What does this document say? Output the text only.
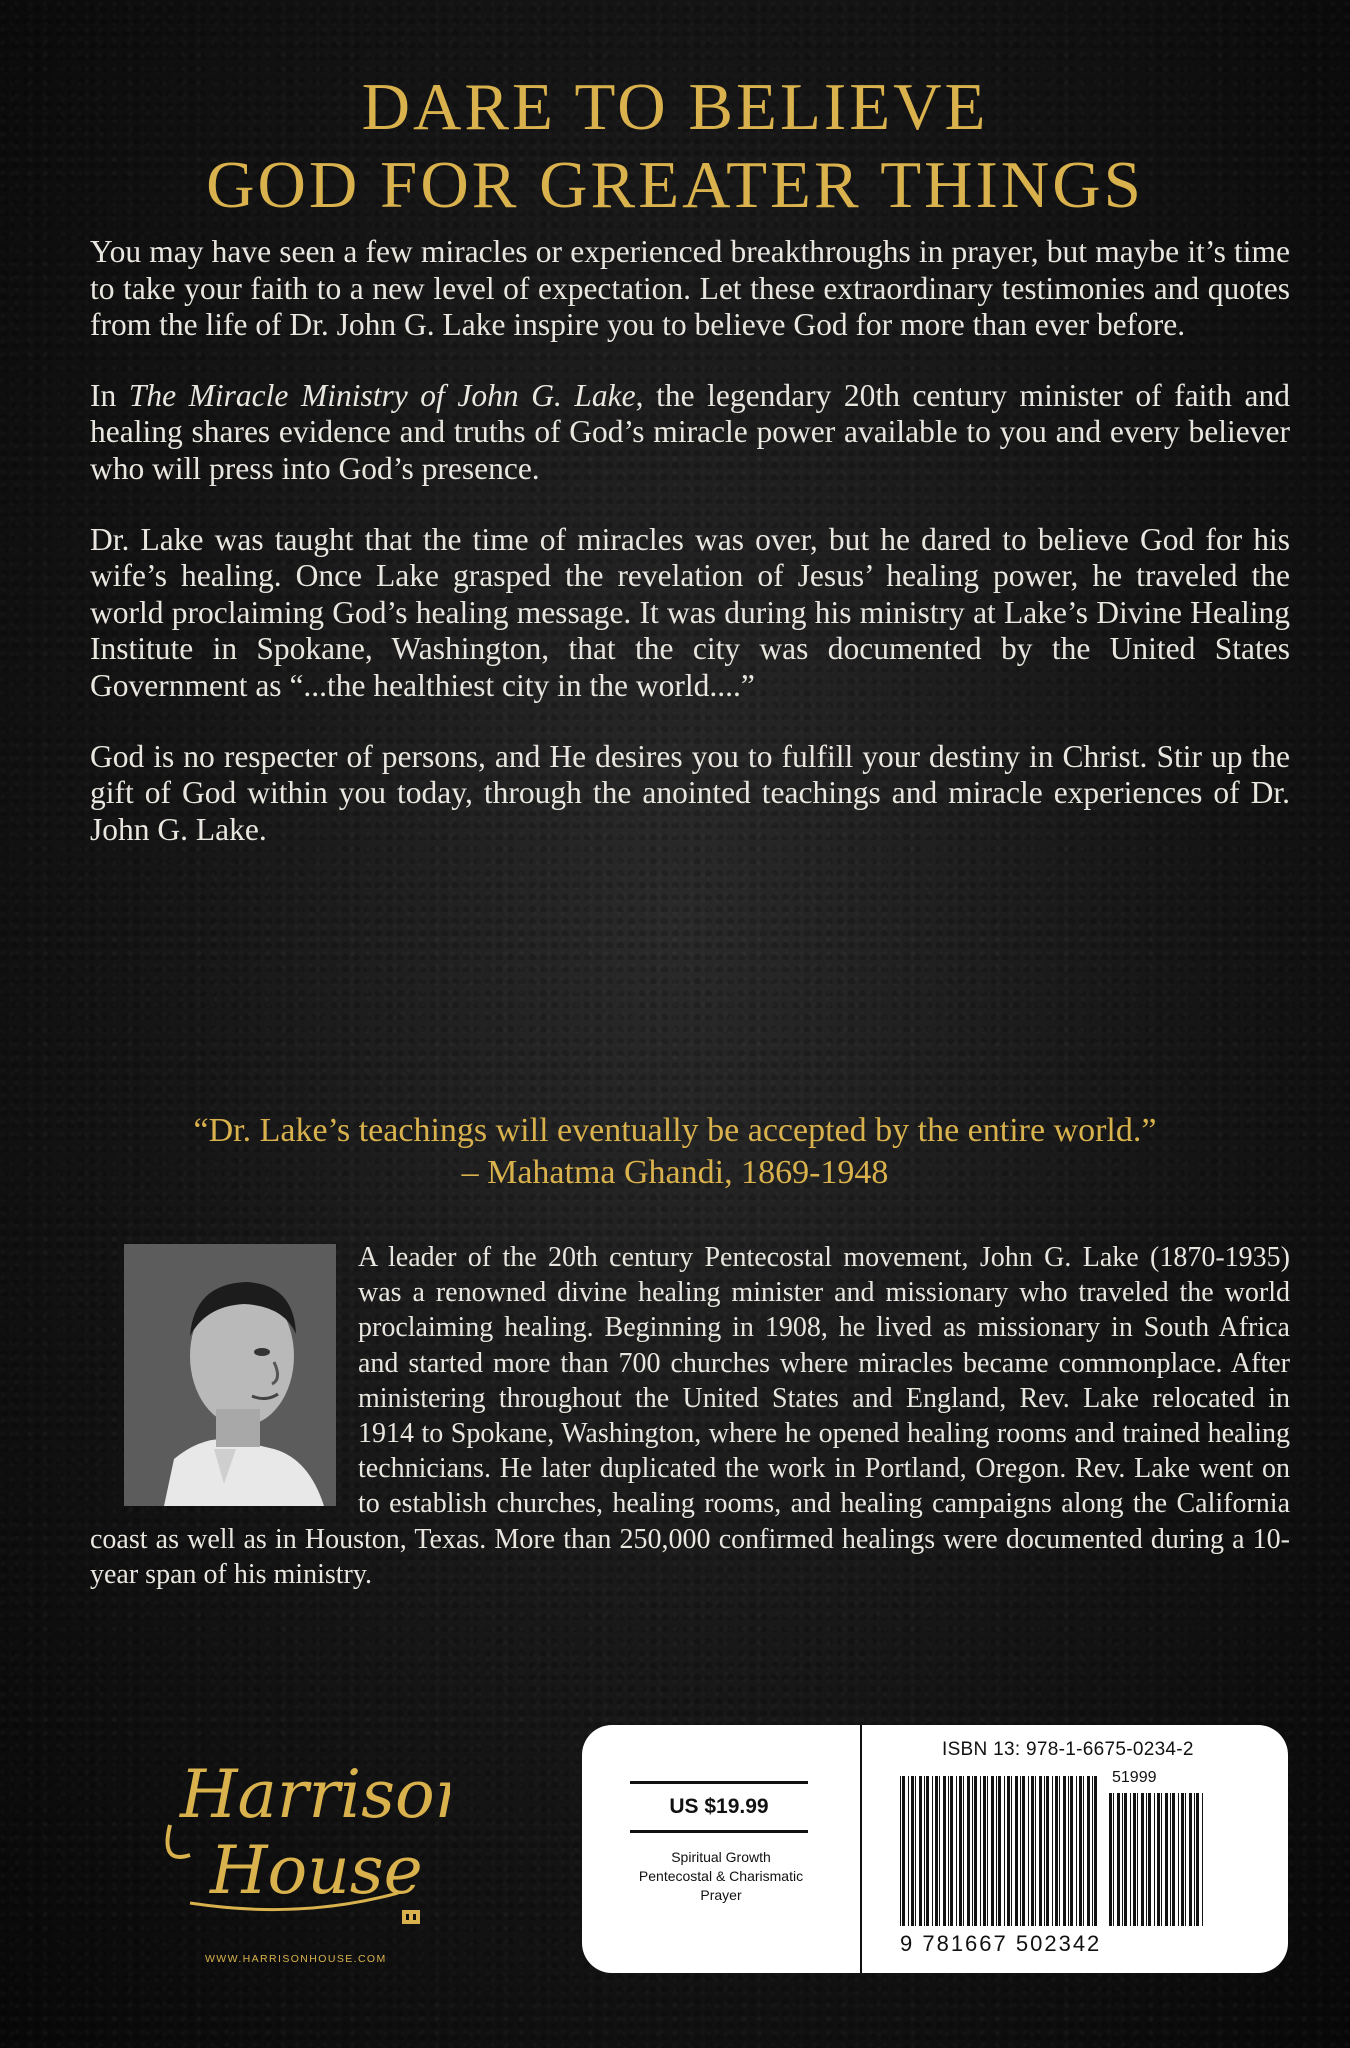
DARE TO BELIEVE
GOD FOR GREATER THINGS

You may have seen a few miracles or experienced breakthroughs in prayer, but maybe it’s time to take your faith to a new level of expectation. Let these extraordinary testimonies and quotes from the life of Dr. John G. Lake inspire you to believe God for more than ever before.

In The Miracle Ministry of John G. Lake, the legendary 20th century minister of faith and healing shares evidence and truths of God’s miracle power available to you and every believer who will press into God’s presence.

Dr. Lake was taught that the time of miracles was over, but he dared to believe God for his wife’s healing. Once Lake grasped the revelation of Jesus’ healing power, he traveled the world proclaiming God’s healing message. It was during his ministry at Lake’s Divine Healing Institute in Spokane, Washington, that the city was documented by the United States Government as “...the healthiest city in the world....”

God is no respecter of persons, and He desires you to fulfill your destiny in Christ. Stir up the gift of God within you today, through the anointed teachings and miracle experiences of Dr. John G. Lake.

“Dr. Lake’s teachings will eventually be accepted by the entire world.”
– Mahatma Ghandi, 1869-1948

A leader of the 20th century Pentecostal movement, John G. Lake (1870-1935) was a renowned divine healing minister and missionary who traveled the world proclaiming healing. Beginning in 1908, he lived as missionary in South Africa and started more than 700 churches where miracles became commonplace. After ministering throughout the United States and England, Rev. Lake relocated in 1914 to Spokane, Washington, where he opened healing rooms and trained healing technicians. He later duplicated the work in Portland, Oregon. Rev. Lake went on to establish churches, healing rooms, and healing campaigns along the California coast as well as in Houston, Texas. More than 250,000 confirmed healings were documented during a 10-year span of his ministry.

Harrison
House
WWW.HARRISONHOUSE.COM
US $19.99
Spiritual Growth
Pentecostal & Charismatic
Prayer
ISBN 13: 978-1-6675-0234-2
51999
9 781667 502342
